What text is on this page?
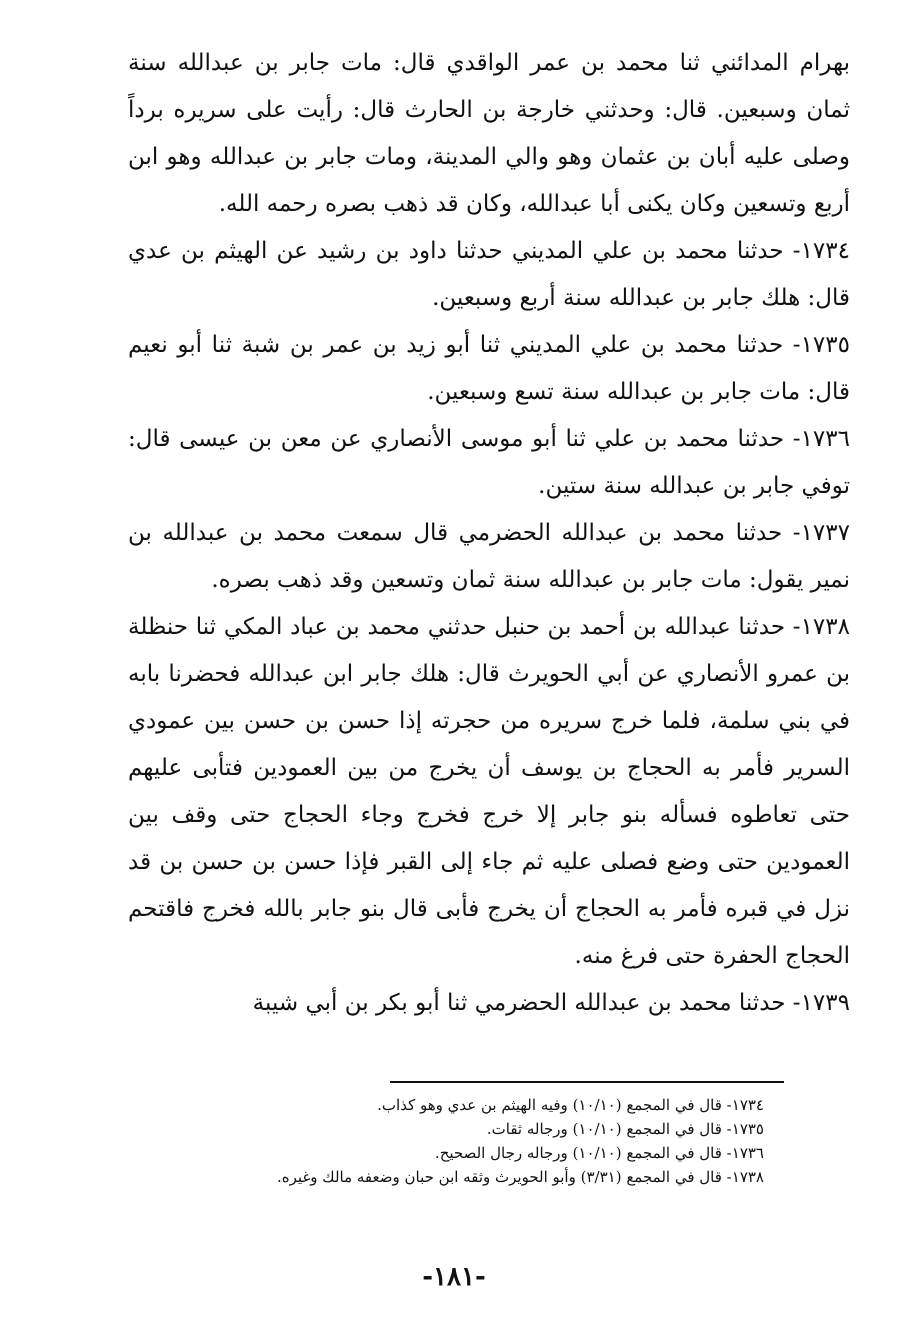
بهرام المدائني ثنا محمد بن عمر الواقدي قال: مات جابر بن عبدالله سنة ثمان وسبعين. قال: وحدثني خارجة بن الحارث قال: رأيت على سريره برداً وصلى عليه أبان بن عثمان وهو والي المدينة، ومات جابر بن عبدالله وهو ابن أربع وتسعين وكان يكنى أبا عبدالله، وكان قد ذهب بصره رحمه الله.

١٧٣٤- حدثنا محمد بن علي المديني حدثنا داود بن رشيد عن الهيثم بن عدي قال: هلك جابر بن عبدالله سنة أربع وسبعين.

١٧٣٥- حدثنا محمد بن علي المديني ثنا أبو زيد بن عمر بن شبة ثنا أبو نعيم قال: مات جابر بن عبدالله سنة تسع وسبعين.

١٧٣٦- حدثنا محمد بن علي ثنا أبو موسى الأنصاري عن معن بن عيسى قال: توفي جابر بن عبدالله سنة ستين.

١٧٣٧- حدثنا محمد بن عبدالله الحضرمي قال سمعت محمد بن عبدالله بن نمير يقول: مات جابر بن عبدالله سنة ثمان وتسعين وقد ذهب بصره.

١٧٣٨- حدثنا عبدالله بن أحمد بن حنبل حدثني محمد بن عباد المكي ثنا حنظلة بن عمرو الأنصاري عن أبي الحويرث قال: هلك جابر ابن عبدالله فحضرنا بابه في بني سلمة، فلما خرج سريره من حجرته إذا حسن بن حسن بين عمودي السرير فأمر به الحجاج بن يوسف أن يخرج من بين العمودين فتأبى عليهم حتى تعاطوه فسأله بنو جابر إلا خرج فخرج وجاء الحجاج حتى وقف بين العمودين حتى وضع فصلى عليه ثم جاء إلى القبر فإذا حسن بن حسن بن قد نزل في قبره فأمر به الحجاج أن يخرج فأبى قال بنو جابر بالله فخرج فاقتحم الحجاج الحفرة حتى فرغ منه.

١٧٣٩- حدثنا محمد بن عبدالله الحضرمي ثنا أبو بكر بن أبي شيبة

١٧٣٤- قال في المجمع (١٠/١٠) وفيه الهيثم بن عدي وهو كذاب.

١٧٣٥- قال في المجمع (١٠/١٠) ورجاله ثقات.

١٧٣٦- قال في المجمع (١٠/١٠) ورجاله رجال الصحيح.

١٧٣٨- قال في المجمع (٣/٣١) وأبو الحويرث وثقه ابن حبان وضعفه مالك وغيره.

-١٨١-
